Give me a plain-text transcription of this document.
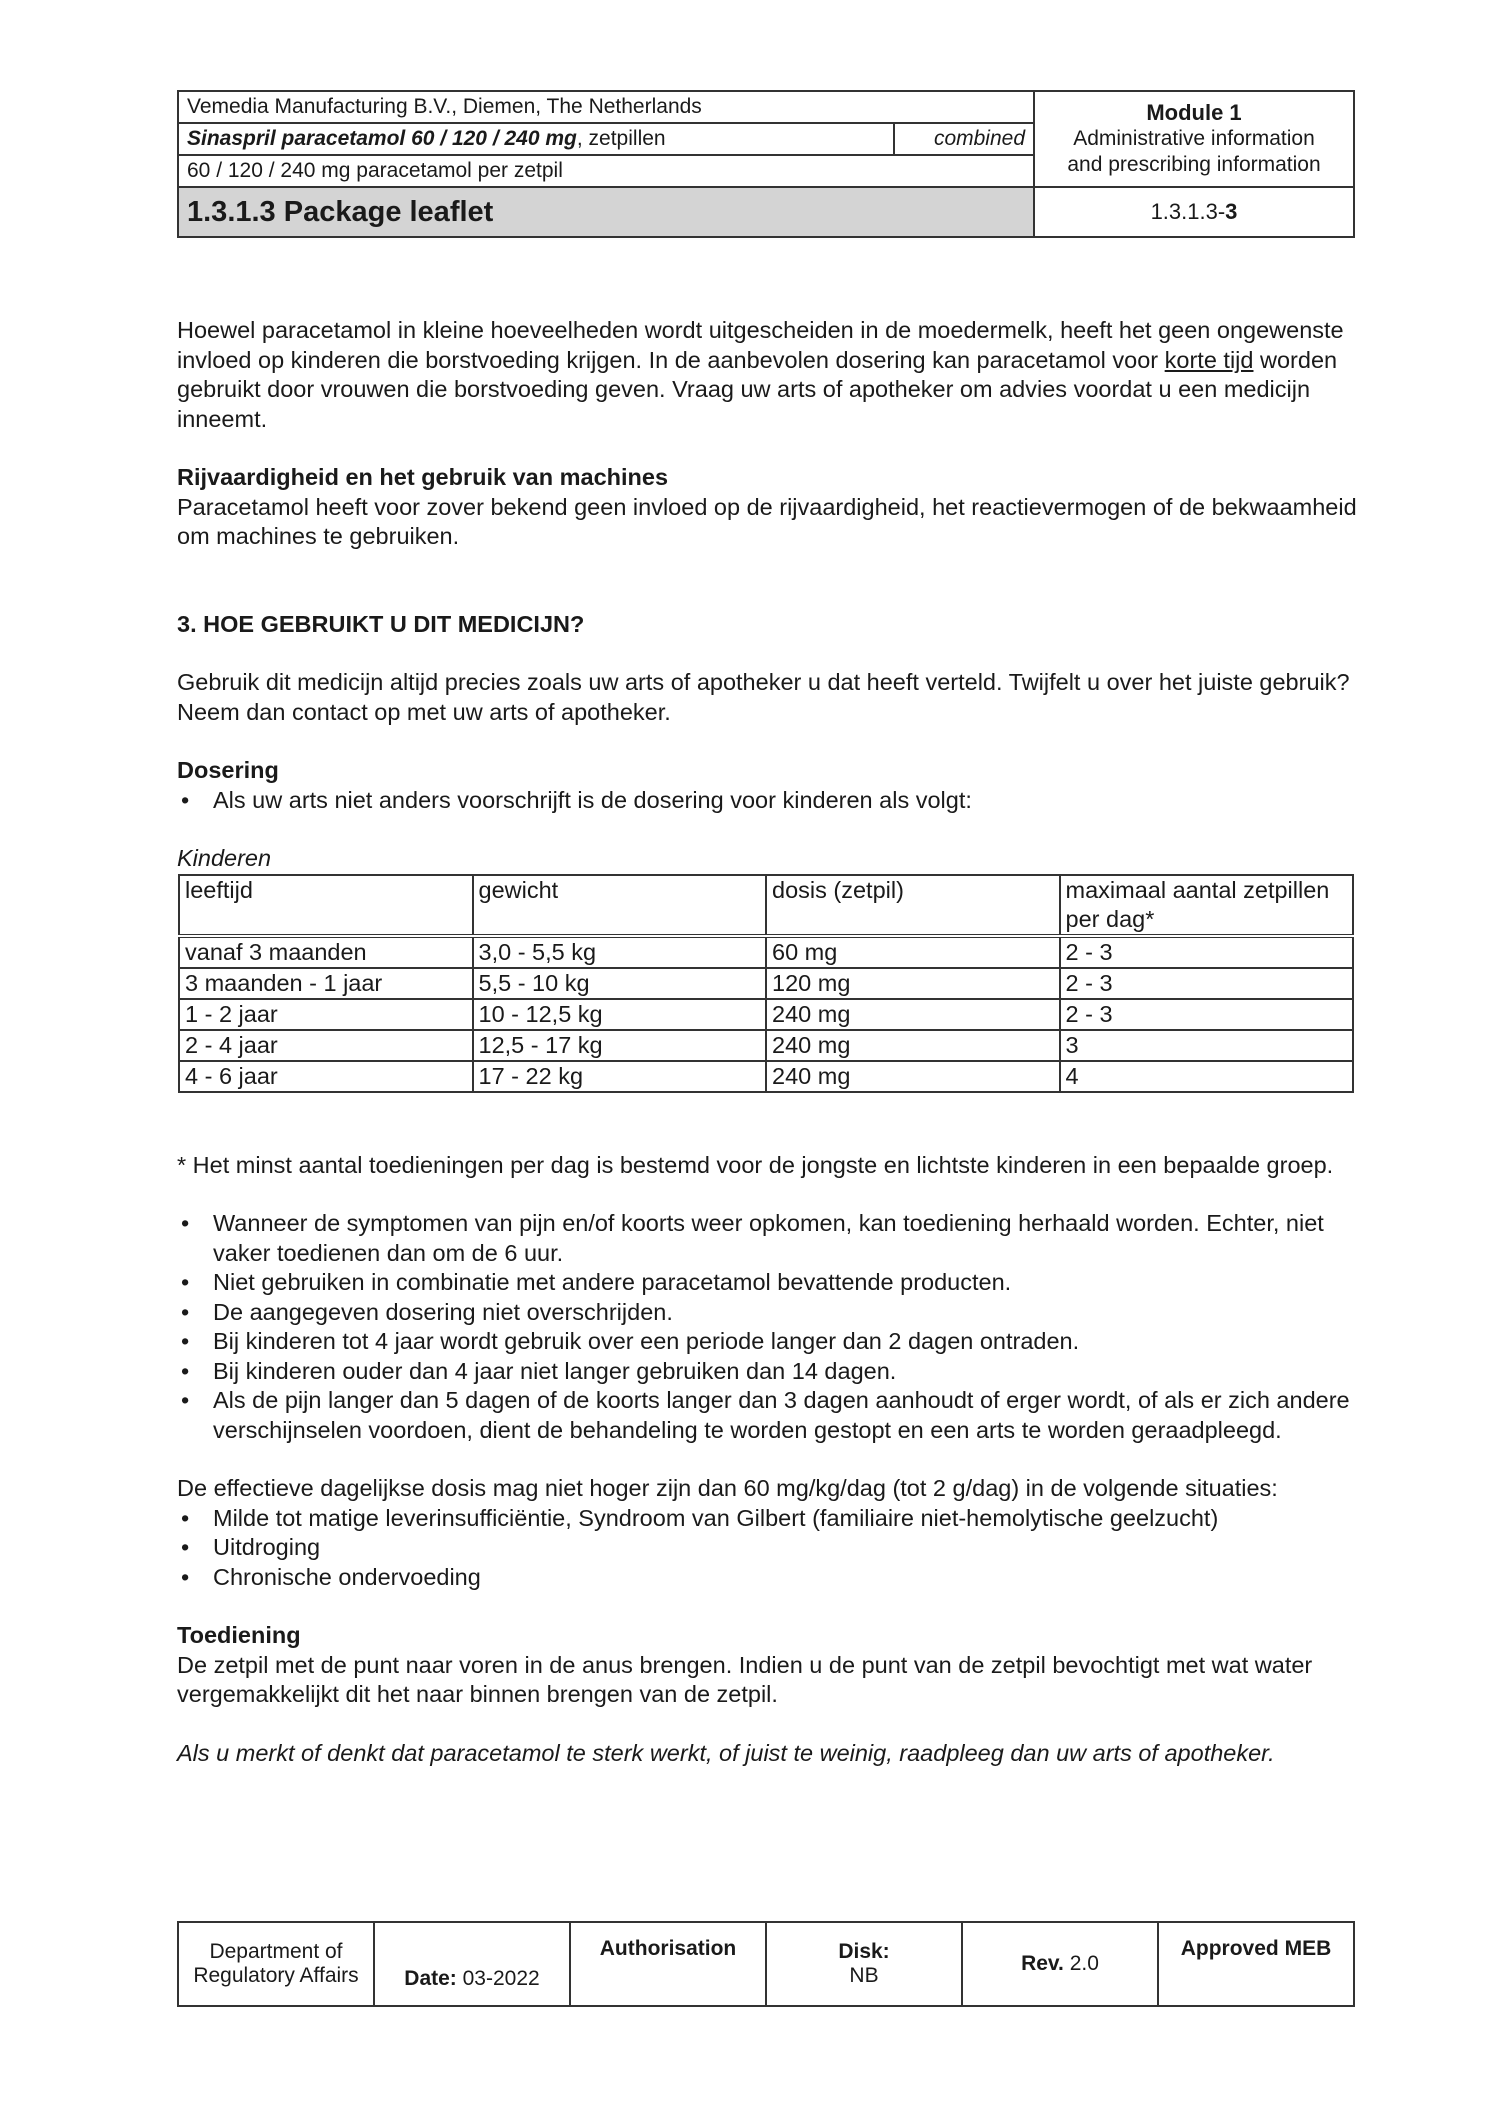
Vemedia Manufacturing B.V., Diemen, The Netherlands		Module 1
Administrative information
and prescribing information
Sinaspril paracetamol 60 / 120 / 240 mg, zetpillen	combined	
60 / 120 / 240 mg paracetamol per zetpil		
1.3.1.3 Package leaflet		1.3.1.3-3

Hoewel paracetamol in kleine hoeveelheden wordt uitgescheiden in de moedermelk, heeft het geen ongewenste invloed op kinderen die borstvoeding krijgen. In de aanbevolen dosering kan paracetamol voor korte tijd worden gebruikt door vrouwen die borstvoeding geven. Vraag uw arts of apotheker om advies voordat u een medicijn inneemt.

Rijvaardigheid en het gebruik van machines

Paracetamol heeft voor zover bekend geen invloed op de rijvaardigheid, het reactievermogen of de bekwaamheid om machines te gebruiken.

3. HOE GEBRUIKT U DIT MEDICIJN?

Gebruik dit medicijn altijd precies zoals uw arts of apotheker u dat heeft verteld. Twijfelt u over het juiste gebruik? Neem dan contact op met uw arts of apotheker.

Dosering

• Als uw arts niet anders voorschrijft is de dosering voor kinderen als volgt:

Kinderen

leeftijd	gewicht	dosis (zetpil)	maximaal aantal zetpillen per dag*
vanaf 3 maanden	3,0 - 5,5 kg	60 mg	2 - 3
3 maanden - 1 jaar	5,5 - 10 kg	120 mg	2 - 3
1 - 2 jaar	10 - 12,5 kg	240 mg	2 - 3
2 - 4 jaar	12,5 - 17 kg	240 mg	3
4 - 6 jaar	17 - 22 kg	240 mg	4

* Het minst aantal toedieningen per dag is bestemd voor de jongste en lichtste kinderen in een bepaalde groep.

• Wanneer de symptomen van pijn en/of koorts weer opkomen, kan toediening herhaald worden. Echter, niet vaker toedienen dan om de 6 uur.
• Niet gebruiken in combinatie met andere paracetamol bevattende producten.
• De aangegeven dosering niet overschrijden.
• Bij kinderen tot 4 jaar wordt gebruik over een periode langer dan 2 dagen ontraden.
• Bij kinderen ouder dan 4 jaar niet langer gebruiken dan 14 dagen.
• Als de pijn langer dan 5 dagen of de koorts langer dan 3 dagen aanhoudt of erger wordt, of als er zich andere verschijnselen voordoen, dient de behandeling te worden gestopt en een arts te worden geraadpleegd.

De effectieve dagelijkse dosis mag niet hoger zijn dan 60 mg/kg/dag (tot 2 g/dag) in de volgende situaties:

• Milde tot matige leverinsufficiëntie, Syndroom van Gilbert (familiaire niet-hemolytische geelzucht)
• Uitdroging
• Chronische ondervoeding

Toediening

De zetpil met de punt naar voren in de anus brengen. Indien u de punt van de zetpil bevochtigt met wat water vergemakkelijkt dit het naar binnen brengen van de zetpil.

Als u merkt of denkt dat paracetamol te sterk werkt, of juist te weinig, raadpleeg dan uw arts of apotheker.

Department of
Regulatory Affairs	Date: 03-2022	Authorisation	Disk:
NB	Rev. 2.0	Approved MEB
